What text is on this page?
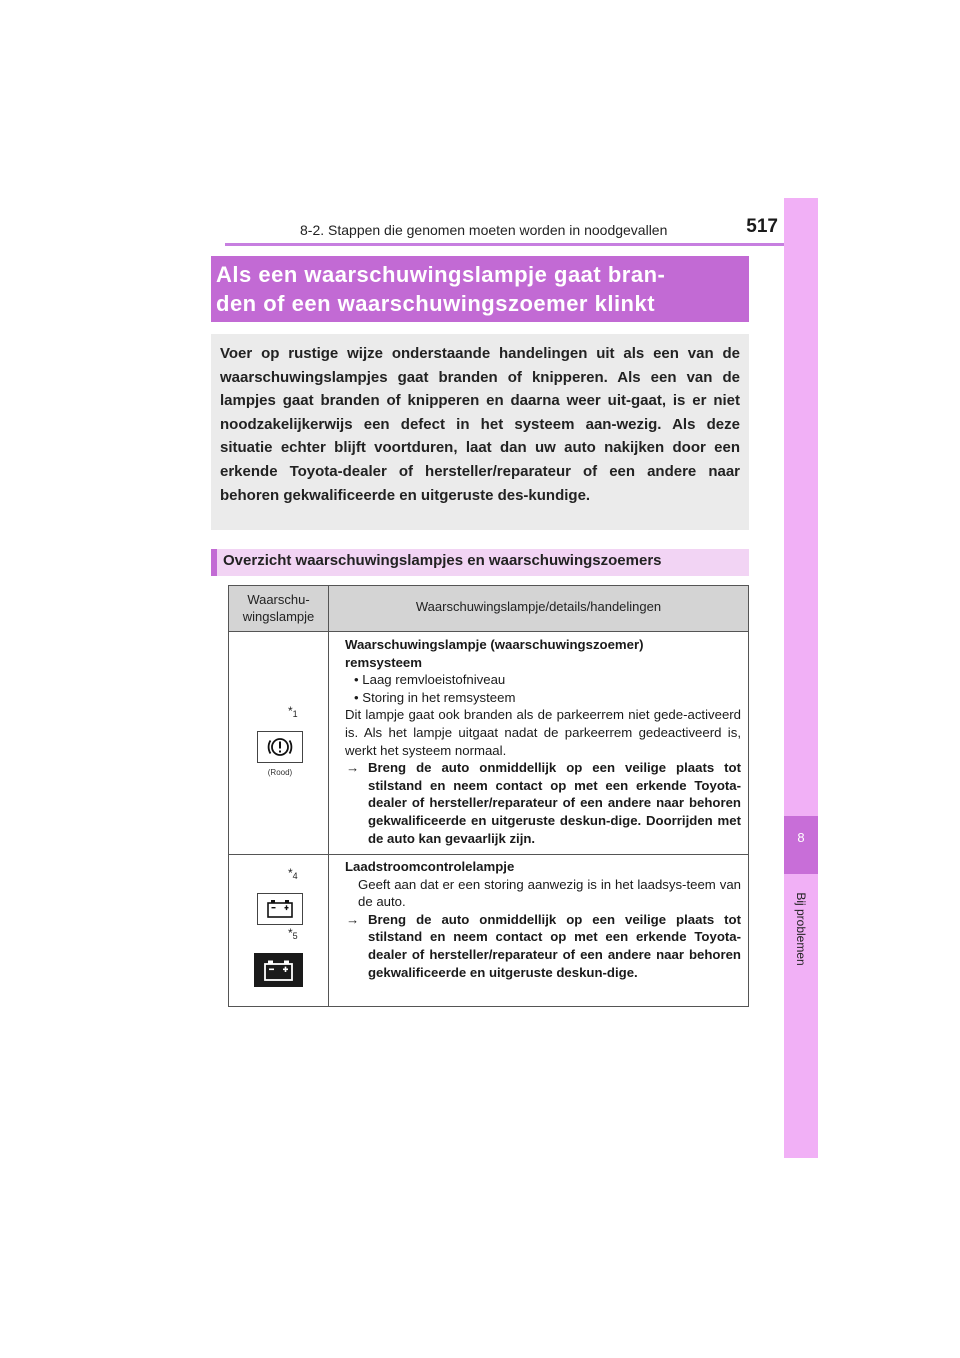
8-2. Stappen die genomen moeten worden in noodgevallen	517
8
Bij problemen
Als een waarschuwingslampje gaat bran-
den of een waarschuwingszoemer klinkt
Voer op rustige wijze onderstaande handelingen uit als een van de waarschuwingslampjes gaat branden of knipperen. Als een van de lampjes gaat branden of knipperen en daarna weer uit-gaat, is er niet noodzakelijkerwijs een defect in het systeem aan-wezig. Als deze situatie echter blijft voortduren, laat dan uw auto nakijken door een erkende Toyota-dealer of hersteller/reparateur of een andere naar behoren gekwalificeerde en uitgeruste des-kundige.
Overzicht waarschuwingslampjes en waarschuwingszoemers
Waarschu-
wingslampje
Waarschuwingslampje/details/handelingen
$*_1$
(Rood)
Waarschuwingslampje (waarschuwingszoemer)
remsysteem
• Laag remvloeistofniveau
• Storing in het remsysteem
Dit lampje gaat ook branden als de parkeerrem niet gede-activeerd is. Als het lampje uitgaat nadat de parkeerrem gedeactiveerd is, werkt het systeem normaal.
→ Breng de auto onmiddellijk op een veilige plaats tot stilstand en neem contact op met een erkende Toyota-dealer of hersteller/reparateur of een andere naar behoren gekwalificeerde en uitgeruste deskun-dige. Doorrijden met de auto kan gevaarlijk zijn.
$*_4$
$*_5$
Laadstroomcontrolelampje
Geeft aan dat er een storing aanwezig is in het laadsys-teem van de auto.
→ Breng de auto onmiddellijk op een veilige plaats tot stilstand en neem contact op met een erkende Toyota-dealer of hersteller/reparateur of een andere naar behoren gekwalificeerde en uitgeruste deskun-dige.
